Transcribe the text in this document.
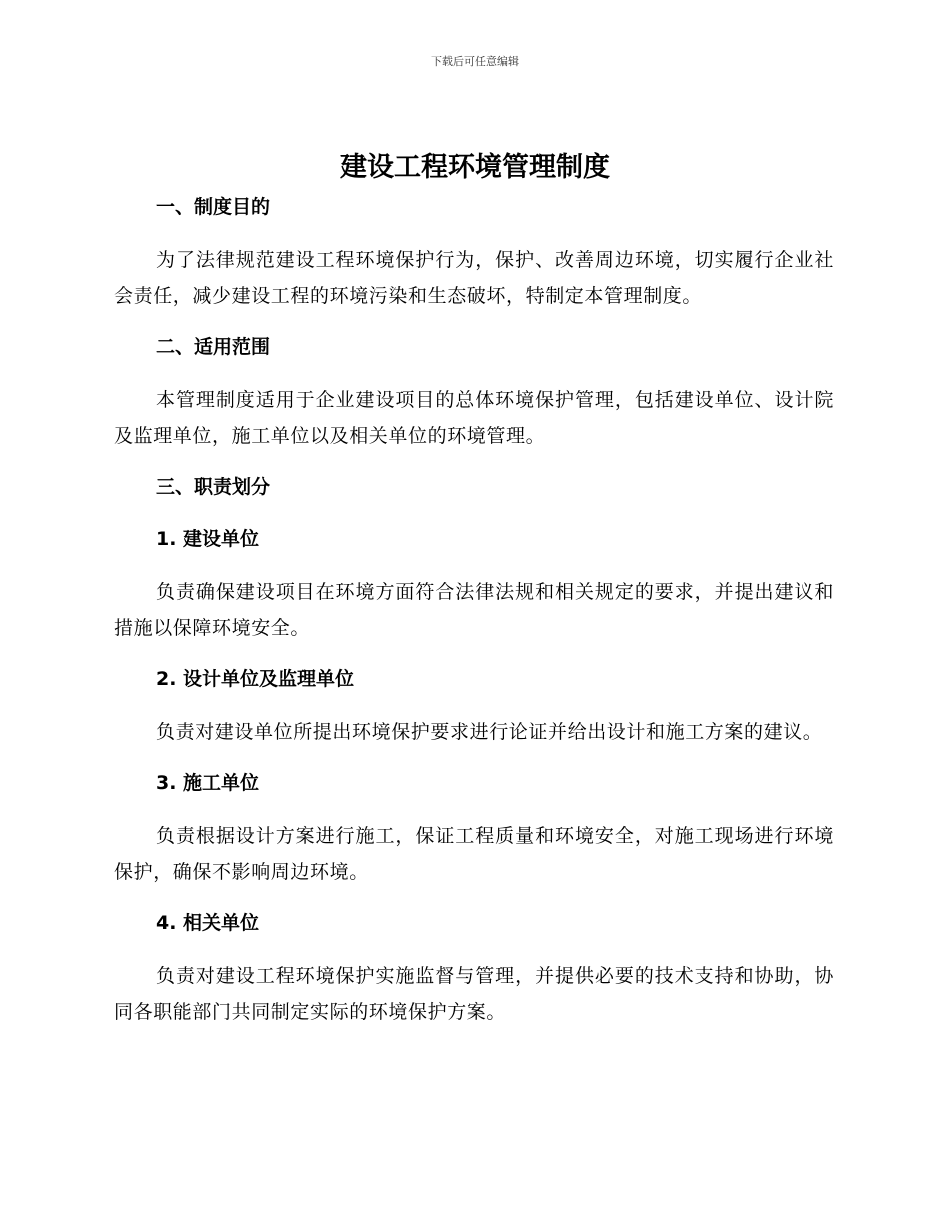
下载后可任意编辑
建设工程环境管理制度
一、制度目的

为了法律规范建设工程环境保护行为，保护、改善周边环境，切实履行企业社会责任，减少建设工程的环境污染和生态破坏，特制定本管理制度。

二、适用范围

本管理制度适用于企业建设项目的总体环境保护管理，包括建设单位、设计院及监理单位，施工单位以及相关单位的环境管理。

三、职责划分
1. 建设单位

负责确保建设项目在环境方面符合法律法规和相关规定的要求，并提出建议和措施以保障环境安全。

2. 设计单位及监理单位

负责对建设单位所提出环境保护要求进行论证并给出设计和施工方案的建议。

3. 施工单位

负责根据设计方案进行施工，保证工程质量和环境安全，对施工现场进行环境保护，确保不影响周边环境。

4. 相关单位

负责对建设工程环境保护实施监督与管理，并提供必要的技术支持和协助，协同各职能部门共同制定实际的环境保护方案。
